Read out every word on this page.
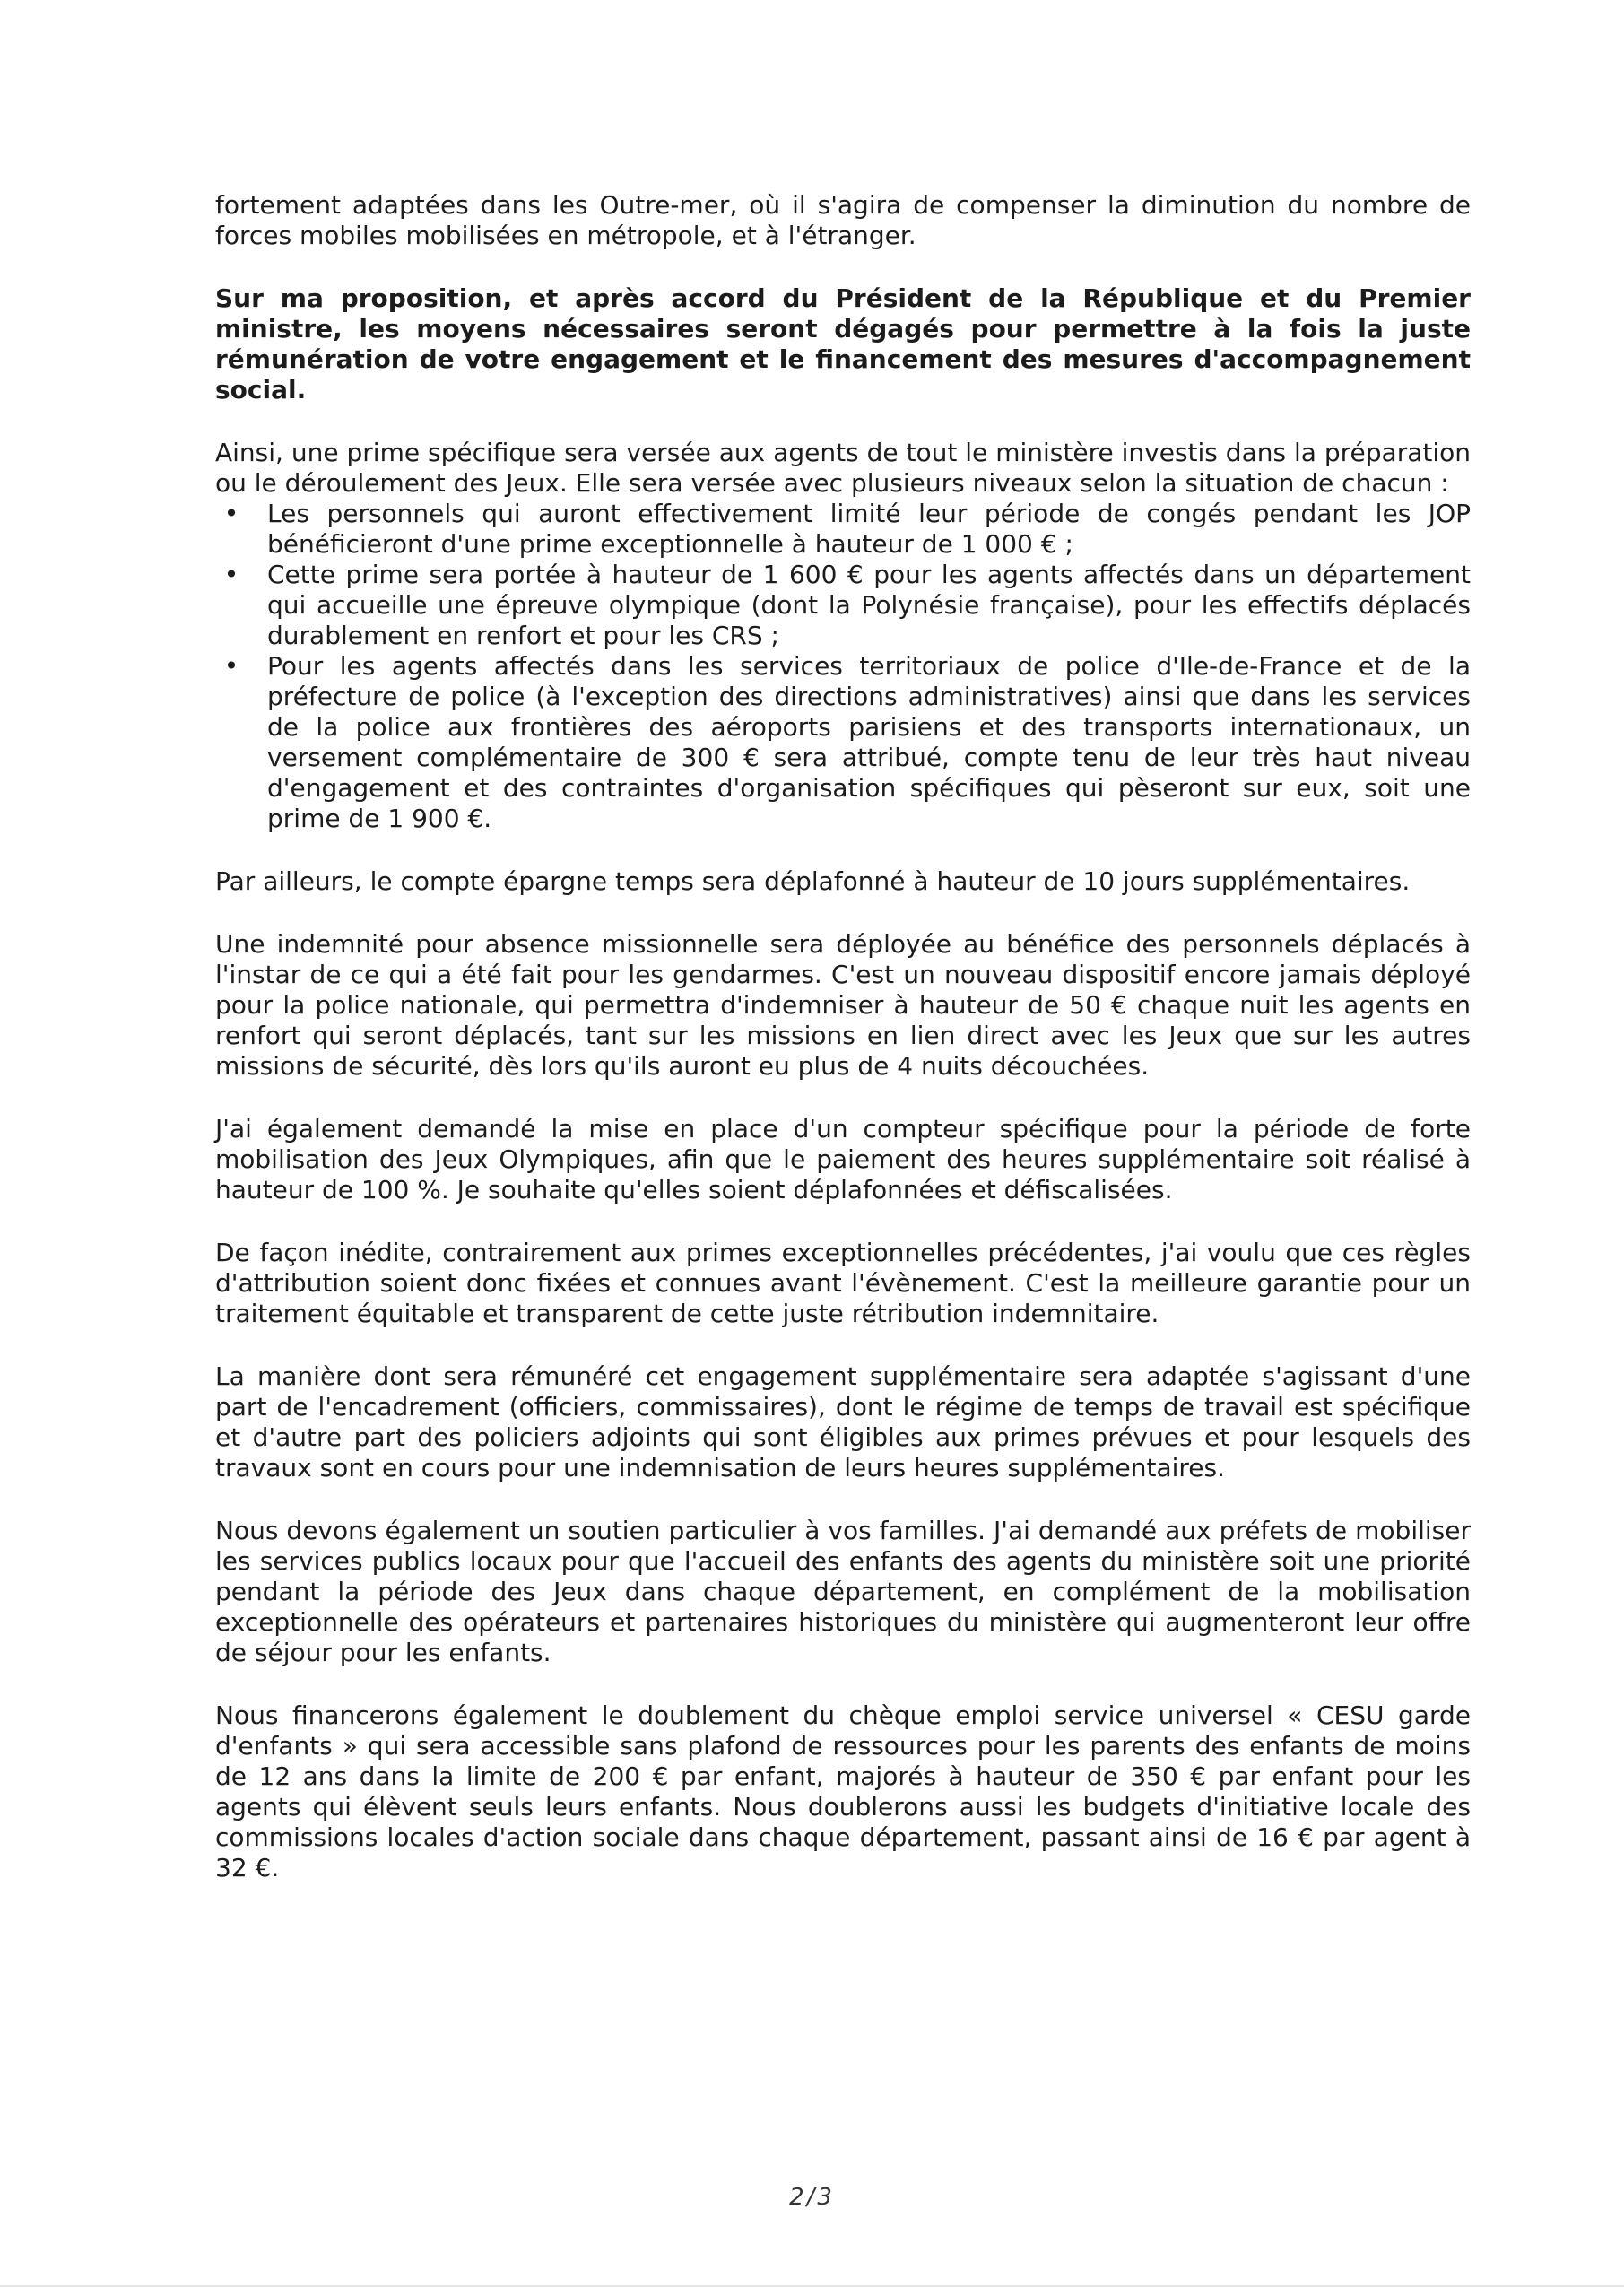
fortement adaptées dans les Outre-mer, où il s'agira de compenser la diminution du nombre de forces mobiles mobilisées en métropole, et à l'étranger.

Sur ma proposition, et après accord du Président de la République et du Premier ministre, les moyens nécessaires seront dégagés pour permettre à la fois la juste rémunération de votre engagement et le financement des mesures d'accompagnement social.

Ainsi, une prime spécifique sera versée aux agents de tout le ministère investis dans la préparation ou le déroulement des Jeux. Elle sera versée avec plusieurs niveaux selon la situation de chacun :

• Les personnels qui auront effectivement limité leur période de congés pendant les JOP bénéficieront d'une prime exceptionnelle à hauteur de 1 000 € ;
• Cette prime sera portée à hauteur de 1 600 € pour les agents affectés dans un département qui accueille une épreuve olympique (dont la Polynésie française), pour les effectifs déplacés durablement en renfort et pour les CRS ;
• Pour les agents affectés dans les services territoriaux de police d'Ile-de-France et de la préfecture de police (à l'exception des directions administratives) ainsi que dans les services de la police aux frontières des aéroports parisiens et des transports internationaux, un versement complémentaire de 300 € sera attribué, compte tenu de leur très haut niveau d'engagement et des contraintes d'organisation spécifiques qui pèseront sur eux, soit une prime de 1 900 €.

Par ailleurs, le compte épargne temps sera déplafonné à hauteur de 10 jours supplémentaires.

Une indemnité pour absence missionnelle sera déployée au bénéfice des personnels déplacés à l'instar de ce qui a été fait pour les gendarmes. C'est un nouveau dispositif encore jamais déployé pour la police nationale, qui permettra d'indemniser à hauteur de 50 € chaque nuit les agents en renfort qui seront déplacés, tant sur les missions en lien direct avec les Jeux que sur les autres missions de sécurité, dès lors qu'ils auront eu plus de 4 nuits découchées.

J'ai également demandé la mise en place d'un compteur spécifique pour la période de forte mobilisation des Jeux Olympiques, afin que le paiement des heures supplémentaire soit réalisé à hauteur de 100 %. Je souhaite qu'elles soient déplafonnées et défiscalisées.

De façon inédite, contrairement aux primes exceptionnelles précédentes, j'ai voulu que ces règles d'attribution soient donc fixées et connues avant l'évènement. C'est la meilleure garantie pour un traitement équitable et transparent de cette juste rétribution indemnitaire.

La manière dont sera rémunéré cet engagement supplémentaire sera adaptée s'agissant d'une part de l'encadrement (officiers, commissaires), dont le régime de temps de travail est spécifique et d'autre part des policiers adjoints qui sont éligibles aux primes prévues et pour lesquels des travaux sont en cours pour une indemnisation de leurs heures supplémentaires.

Nous devons également un soutien particulier à vos familles. J'ai demandé aux préfets de mobiliser les services publics locaux pour que l'accueil des enfants des agents du ministère soit une priorité pendant la période des Jeux dans chaque département, en complément de la mobilisation exceptionnelle des opérateurs et partenaires historiques du ministère qui augmenteront leur offre de séjour pour les enfants.

Nous financerons également le doublement du chèque emploi service universel « CESU garde d'enfants » qui sera accessible sans plafond de ressources pour les parents des enfants de moins de 12 ans dans la limite de 200 € par enfant, majorés à hauteur de 350 € par enfant pour les agents qui élèvent seuls leurs enfants. Nous doublerons aussi les budgets d'initiative locale des commissions locales d'action sociale dans chaque département, passant ainsi de 16 € par agent à 32 €.

2/3
